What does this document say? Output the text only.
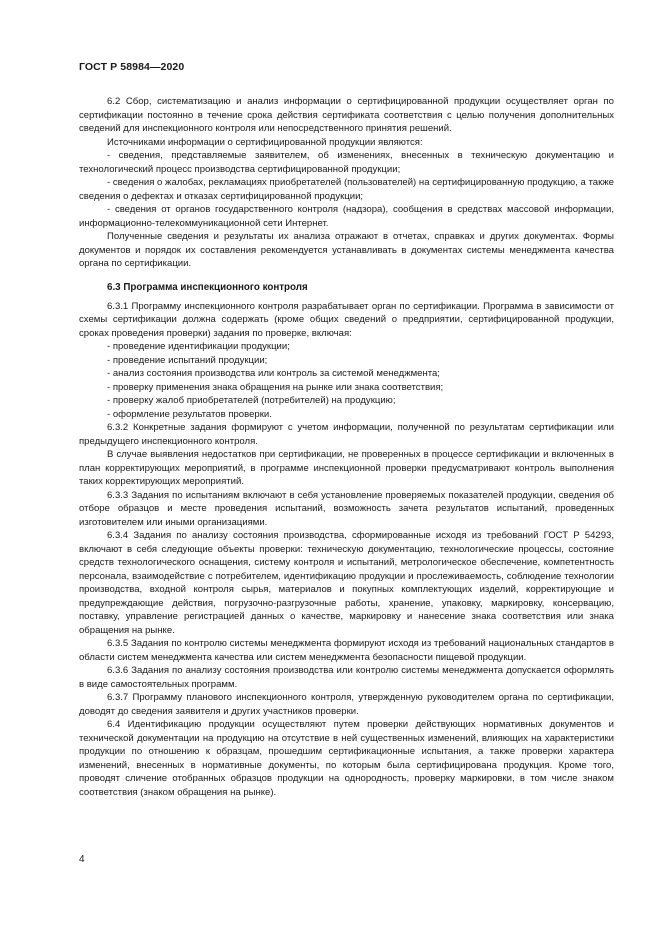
ГОСТ Р 58984—2020

6.2 Сбор, систематизацию и анализ информации о сертифицированной продукции осуществляет орган по сертификации постоянно в течение срока действия сертификата соответствия с целью получения дополнительных сведений для инспекционного контроля или непосредственного принятия решений.

Источниками информации о сертифицированной продукции являются:

- сведения, представляемые заявителем, об изменениях, внесенных в техническую документацию и технологический процесс производства сертифицированной продукции;

- сведения о жалобах, рекламациях приобретателей (пользователей) на сертифицированную продукцию, а также сведения о дефектах и отказах сертифицированной продукции;

- сведения от органов государственного контроля (надзора), сообщения в средствах массовой информации, информационно-телекоммуникационной сети Интернет.

Полученные сведения и результаты их анализа отражают в отчетах, справках и других документах. Формы документов и порядок их составления рекомендуется устанавливать в документах системы менеджмента качества органа по сертификации.

6.3 Программа инспекционного контроля

6.3.1 Программу инспекционного контроля разрабатывает орган по сертификации. Программа в зависимости от схемы сертификации должна содержать (кроме общих сведений о предприятии, сертифицированной продукции, сроках проведения проверки) задания по проверке, включая:

- проведение идентификации продукции;

- проведение испытаний продукции;

- анализ состояния производства или контроль за системой менеджмента;

- проверку применения знака обращения на рынке или знака соответствия;

- проверку жалоб приобретателей (потребителей) на продукцию;

- оформление результатов проверки.

6.3.2 Конкретные задания формируют с учетом информации, полученной по результатам сертификации или предыдущего инспекционного контроля.

В случае выявления недостатков при сертификации, не проверенных в процессе сертификации и включенных в план корректирующих мероприятий, в программе инспекционной проверки предусматривают контроль выполнения таких корректирующих мероприятий.

6.3.3 Задания по испытаниям включают в себя установление проверяемых показателей продукции, сведения об отборе образцов и месте проведения испытаний, возможность зачета результатов испытаний, проведенных изготовителем или иными организациями.

6.3.4 Задания по анализу состояния производства, сформированные исходя из требований ГОСТ Р 54293, включают в себя следующие объекты проверки: техническую документацию, технологические процессы, состояние средств технологического оснащения, систему контроля и испытаний, метрологическое обеспечение, компетентность персонала, взаимодействие с потребителем, идентификацию продукции и прослеживаемость, соблюдение технологии производства, входной контроля сырья, материалов и покупных комплектующих изделий, корректирующие и предупреждающие действия, погрузочно-разгрузочные работы, хранение, упаковку, маркировку, консервацию, поставку, управление регистрацией данных о качестве, маркировку и нанесение знака соответствия или знака обращения на рынке.

6.3.5 Задания по контролю системы менеджмента формируют исходя из требований национальных стандартов в области систем менеджмента качества или систем менеджмента безопасности пищевой продукции.

6.3.6 Задания по анализу состояния производства или контролю системы менеджмента допускается оформлять в виде самостоятельных программ.

6.3.7 Программу планового инспекционного контроля, утвержденную руководителем органа по сертификации, доводят до сведения заявителя и других участников проверки.

6.4 Идентификацию продукции осуществляют путем проверки действующих нормативных документов и технической документации на продукцию на отсутствие в ней существенных изменений, влияющих на характеристики продукции по отношению к образцам, прошедшим сертификационные испытания, а также проверки характера изменений, внесенных в нормативные документы, по которым была сертифицирована продукция. Кроме того, проводят сличение отобранных образцов продукции на однородность, проверку маркировки, в том числе знаком соответствия (знаком обращения на рынке).

4
